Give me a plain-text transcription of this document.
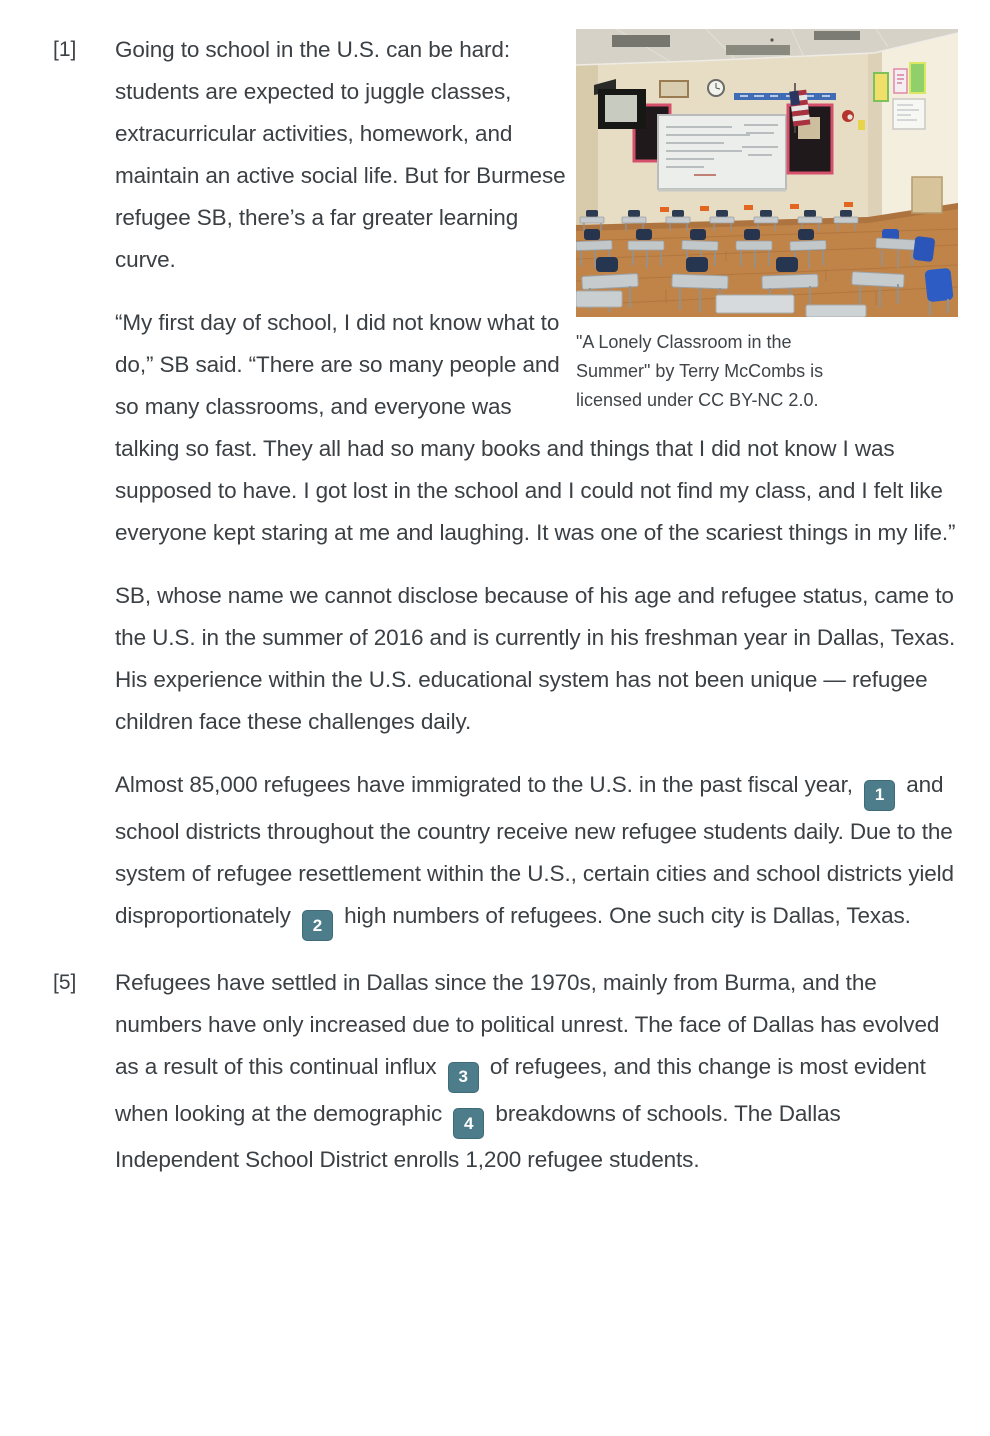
"A Lonely Classroom in the Summer" by Terry McCombs is licensed under CC BY-NC 2.0.
[1] Going to school in the U.S. can be hard: students are expected to juggle classes, extracurricular activities, homework, and maintain an active social life. But for Burmese refugee SB, there’s a far greater learning curve.
“My first day of school, I did not know what to do,” SB said. “There are so many people and so many classrooms, and everyone was talking so fast. They all had so many books and things that I did not know I was supposed to have. I got lost in the school and I could not find my class, and I felt like everyone kept staring at me and laughing. It was one of the scariest things in my life.”
SB, whose name we cannot disclose because of his age and refugee status, came to the U.S. in the summer of 2016 and is currently in his freshman year in Dallas, Texas. His experience within the U.S. educational system has not been unique — refugee children face these challenges daily.
Almost 85,000 refugees have immigrated to the U.S. in the past fiscal year, 1 and school districts throughout the country receive new refugee students daily. Due to the system of refugee resettlement within the U.S., certain cities and school districts yield disproportionately 2 high numbers of refugees. One such city is Dallas, Texas.
[5] Refugees have settled in Dallas since the 1970s, mainly from Burma, and the numbers have only increased due to political unrest. The face of Dallas has evolved as a result of this continual influx 3 of refugees, and this change is most evident when looking at the demographic 4 breakdowns of schools. The Dallas Independent School District enrolls 1,200 refugee students.
